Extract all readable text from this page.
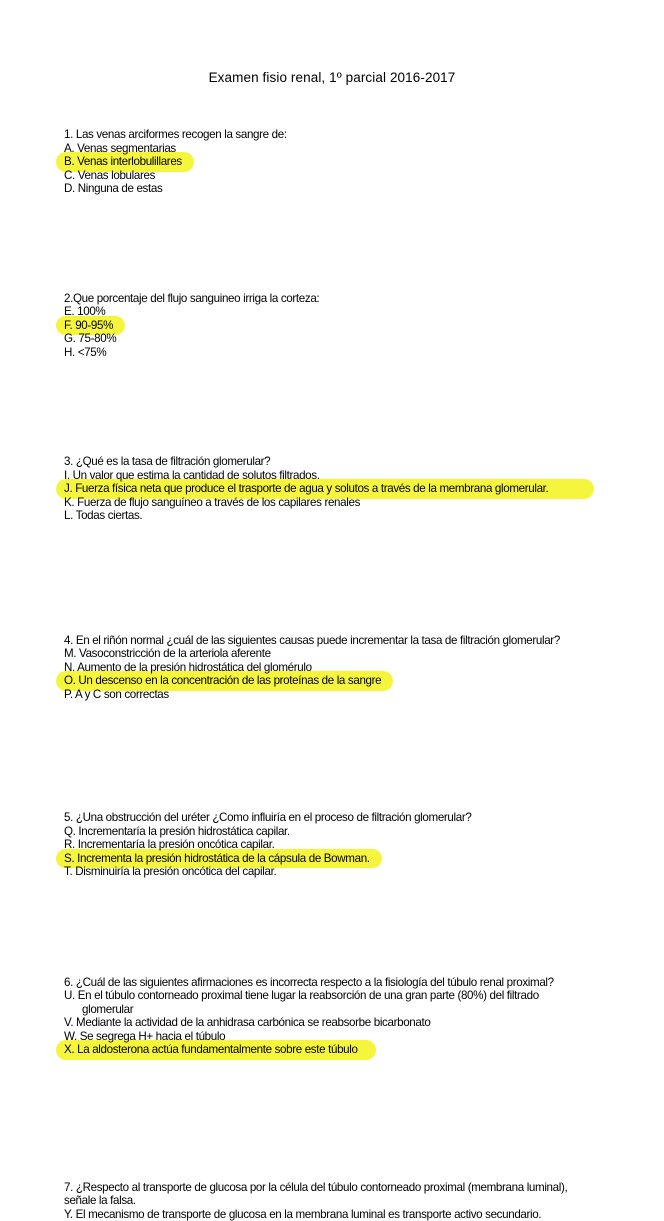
Examen fisio renal, 1º parcial 2016-2017

1. Las venas arciformes recogen la sangre de:

A. Venas segmentarias

B. Venas interlobulillares

C. Venas lobulares

D. Ninguna de estas

2.Que porcentaje del flujo sanguineo irriga la corteza:

E. 100%

F. 90-95%

G. 75-80%

H. <75%

3. ¿Qué es la tasa de filtración glomerular?

I. Un valor que estima la cantidad de solutos filtrados.

J. Fuerza física neta que produce el trasporte de agua y solutos a través de la membrana glomerular.

K. Fuerza de flujo sanguíneo a través de los capilares renales

L. Todas ciertas.

4. En el riñón normal ¿cuál de las siguientes causas puede incrementar la tasa de filtración glomerular?

M. Vasoconstricción de la arteriola aferente

N. Aumento de la presión hidrostática del glomérulo

O. Un descenso en la concentración de las proteínas de la sangre

P. A y C son correctas

5. ¿Una obstrucción del uréter ¿Como influiría en el proceso de filtración glomerular?

Q. Incrementaría la presión hidrostática capilar.

R. Incrementaría la presión oncótica capilar.

S. Incrementa la presión hidrostática de la cápsula de Bowman.

T. Disminuiría la presión oncótica del capilar.

6. ¿Cuál de las siguientes afirmaciones es incorrecta respecto a la fisiología del túbulo renal proximal?

U. En el túbulo contorneado proximal tiene lugar la reabsorción de una gran parte (80%) del filtrado glomerular

V. Mediante la actividad de la anhidrasa carbónica se reabsorbe bicarbonato

W. Se segrega H+ hacia el túbulo

X. La aldosterona actúa fundamentalmente sobre este túbulo

7. ¿Respecto al transporte de glucosa por la célula del túbulo contorneado proximal (membrana luminal), señale la falsa.

Y. El mecanismo de transporte de glucosa en la membrana luminal es transporte activo secundario.
